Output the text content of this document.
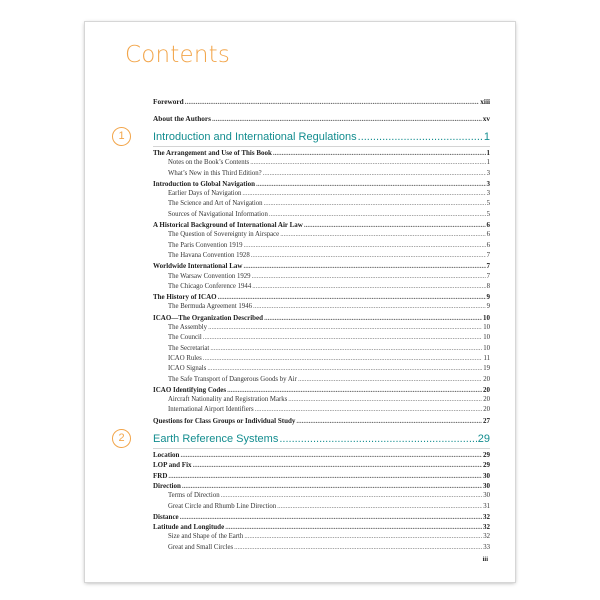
Contents
Foreword .....	xiii
About the Authors .....	xv
1	Introduction and International Regulations .....	1
The Arrangement and Use of This Book .....	1
Notes on the Book’s Contents .....	1
What’s New in this Third Edition? .....	3
Introduction to Global Navigation .....	3
Earlier Days of Navigation .....	3
The Science and Art of Navigation .....	5
Sources of Navigational Information .....	5
A Historical Background of International Air Law .....	6
The Question of Sovereignty in Airspace .....	6
The Paris Convention 1919 .....	6
The Havana Convention 1928 .....	7
Worldwide International Law .....	7
The Warsaw Convention 1929 .....	7
The Chicago Conference 1944 .....	8
The History of ICAO .....	9
The Bermuda Agreement 1946 .....	9
ICAO—The Organization Described .....	10
The Assembly .....	10
The Council .....	10
The Secretariat .....	10
ICAO Rules .....	11
ICAO Signals .....	19
The Safe Transport of Dangerous Goods by Air .....	20
ICAO Identifying Codes .....	20
Aircraft Nationality and Registration Marks .....	20
International Airport Identifiers .....	20
Questions for Class Groups or Individual Study .....	27
2	Earth Reference Systems .....	29
Location .....	29
LOP and Fix .....	29
FRD .....	30
Direction .....	30
Terms of Direction .....	30
Great Circle and Rhumb Line Direction .....	31
Distance .....	32
Latitude and Longitude .....	32
Size and Shape of the Earth .....	32
Great and Small Circles .....	33
iii
